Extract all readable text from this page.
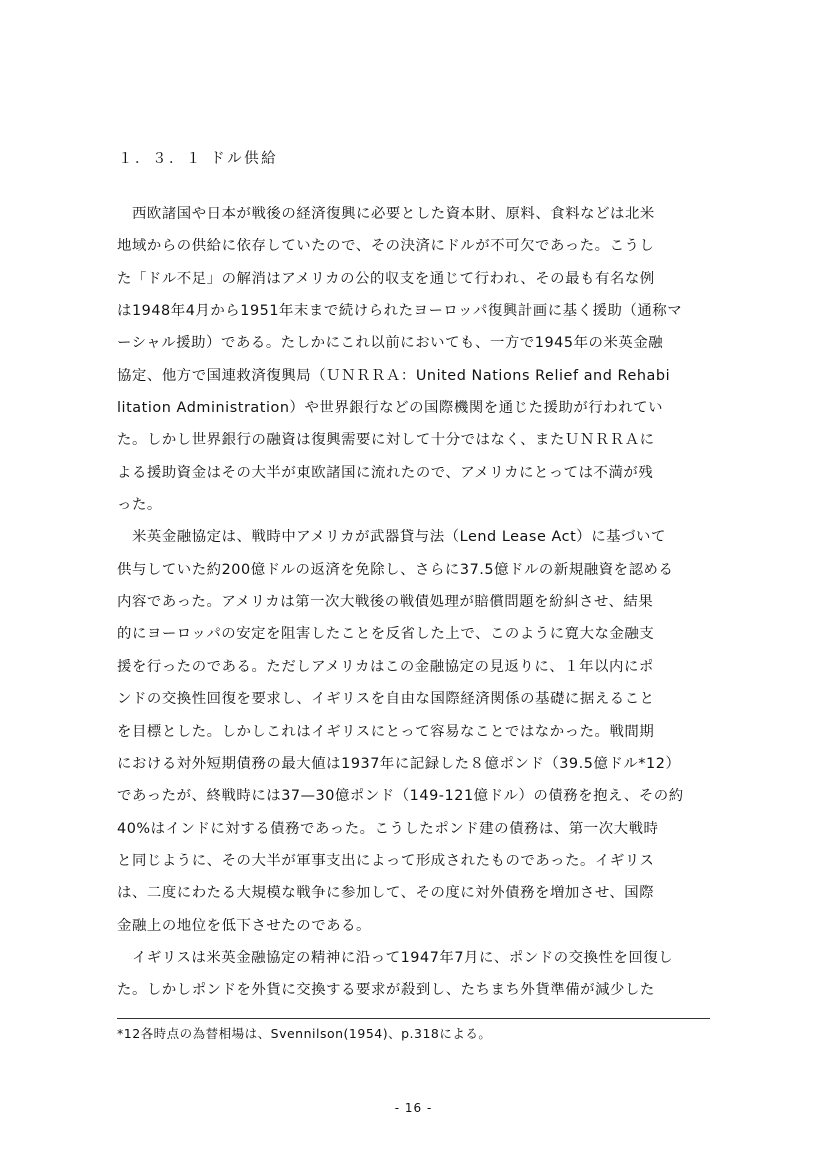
１．３．１ ドル供給
　西欧諸国や日本が戦後の経済復興に必要とした資本財、原料、食料などは北米
地域からの供給に依存していたので、その決済にドルが不可欠であった。こうし
た「ドル不足」の解消はアメリカの公的収支を通じて行われ、その最も有名な例
は1948年4月から1951年末まで続けられたヨーロッパ復興計画に基く援助（通称マ
ーシャル援助）である。たしかにこれ以前においても、一方で1945年の米英金融
協定、他方で国連救済復興局（ＵＮＲＲＡ：United Nations Relief and Rehabi
litation Administration）や世界銀行などの国際機関を通じた援助が行われてい
た。しかし世界銀行の融資は復興需要に対して十分ではなく、またＵＮＲＲＡに
よる援助資金はその大半が東欧諸国に流れたので、アメリカにとっては不満が残
った。
　米英金融協定は、戦時中アメリカが武器貸与法（Lend Lease Act）に基づいて
供与していた約200億ドルの返済を免除し、さらに37.5億ドルの新規融資を認める
内容であった。アメリカは第一次大戦後の戦債処理が賠償問題を紛糾させ、結果
的にヨーロッパの安定を阻害したことを反省した上で、このように寛大な金融支
援を行ったのである。ただしアメリカはこの金融協定の見返りに、１年以内にポ
ンドの交換性回復を要求し、イギリスを自由な国際経済関係の基礎に据えること
を目標とした。しかしこれはイギリスにとって容易なことではなかった。戦間期
における対外短期債務の最大値は1937年に記録した８億ポンド（39.5億ドル*12）
であったが、終戦時には37—30億ポンド（149-121億ドル）の債務を抱え、その約
40%はインドに対する債務であった。こうしたポンド建の債務は、第一次大戦時
と同じように、その大半が軍事支出によって形成されたものであった。イギリス
は、二度にわたる大規模な戦争に参加して、その度に対外債務を増加させ、国際
金融上の地位を低下させたのである。
　イギリスは米英金融協定の精神に沿って1947年7月に、ポンドの交換性を回復し
た。しかしポンドを外貨に交換する要求が殺到し、たちまち外貨準備が減少した
*12各時点の為替相場は、Svennilson(1954)、p.318による。
- 16 -
